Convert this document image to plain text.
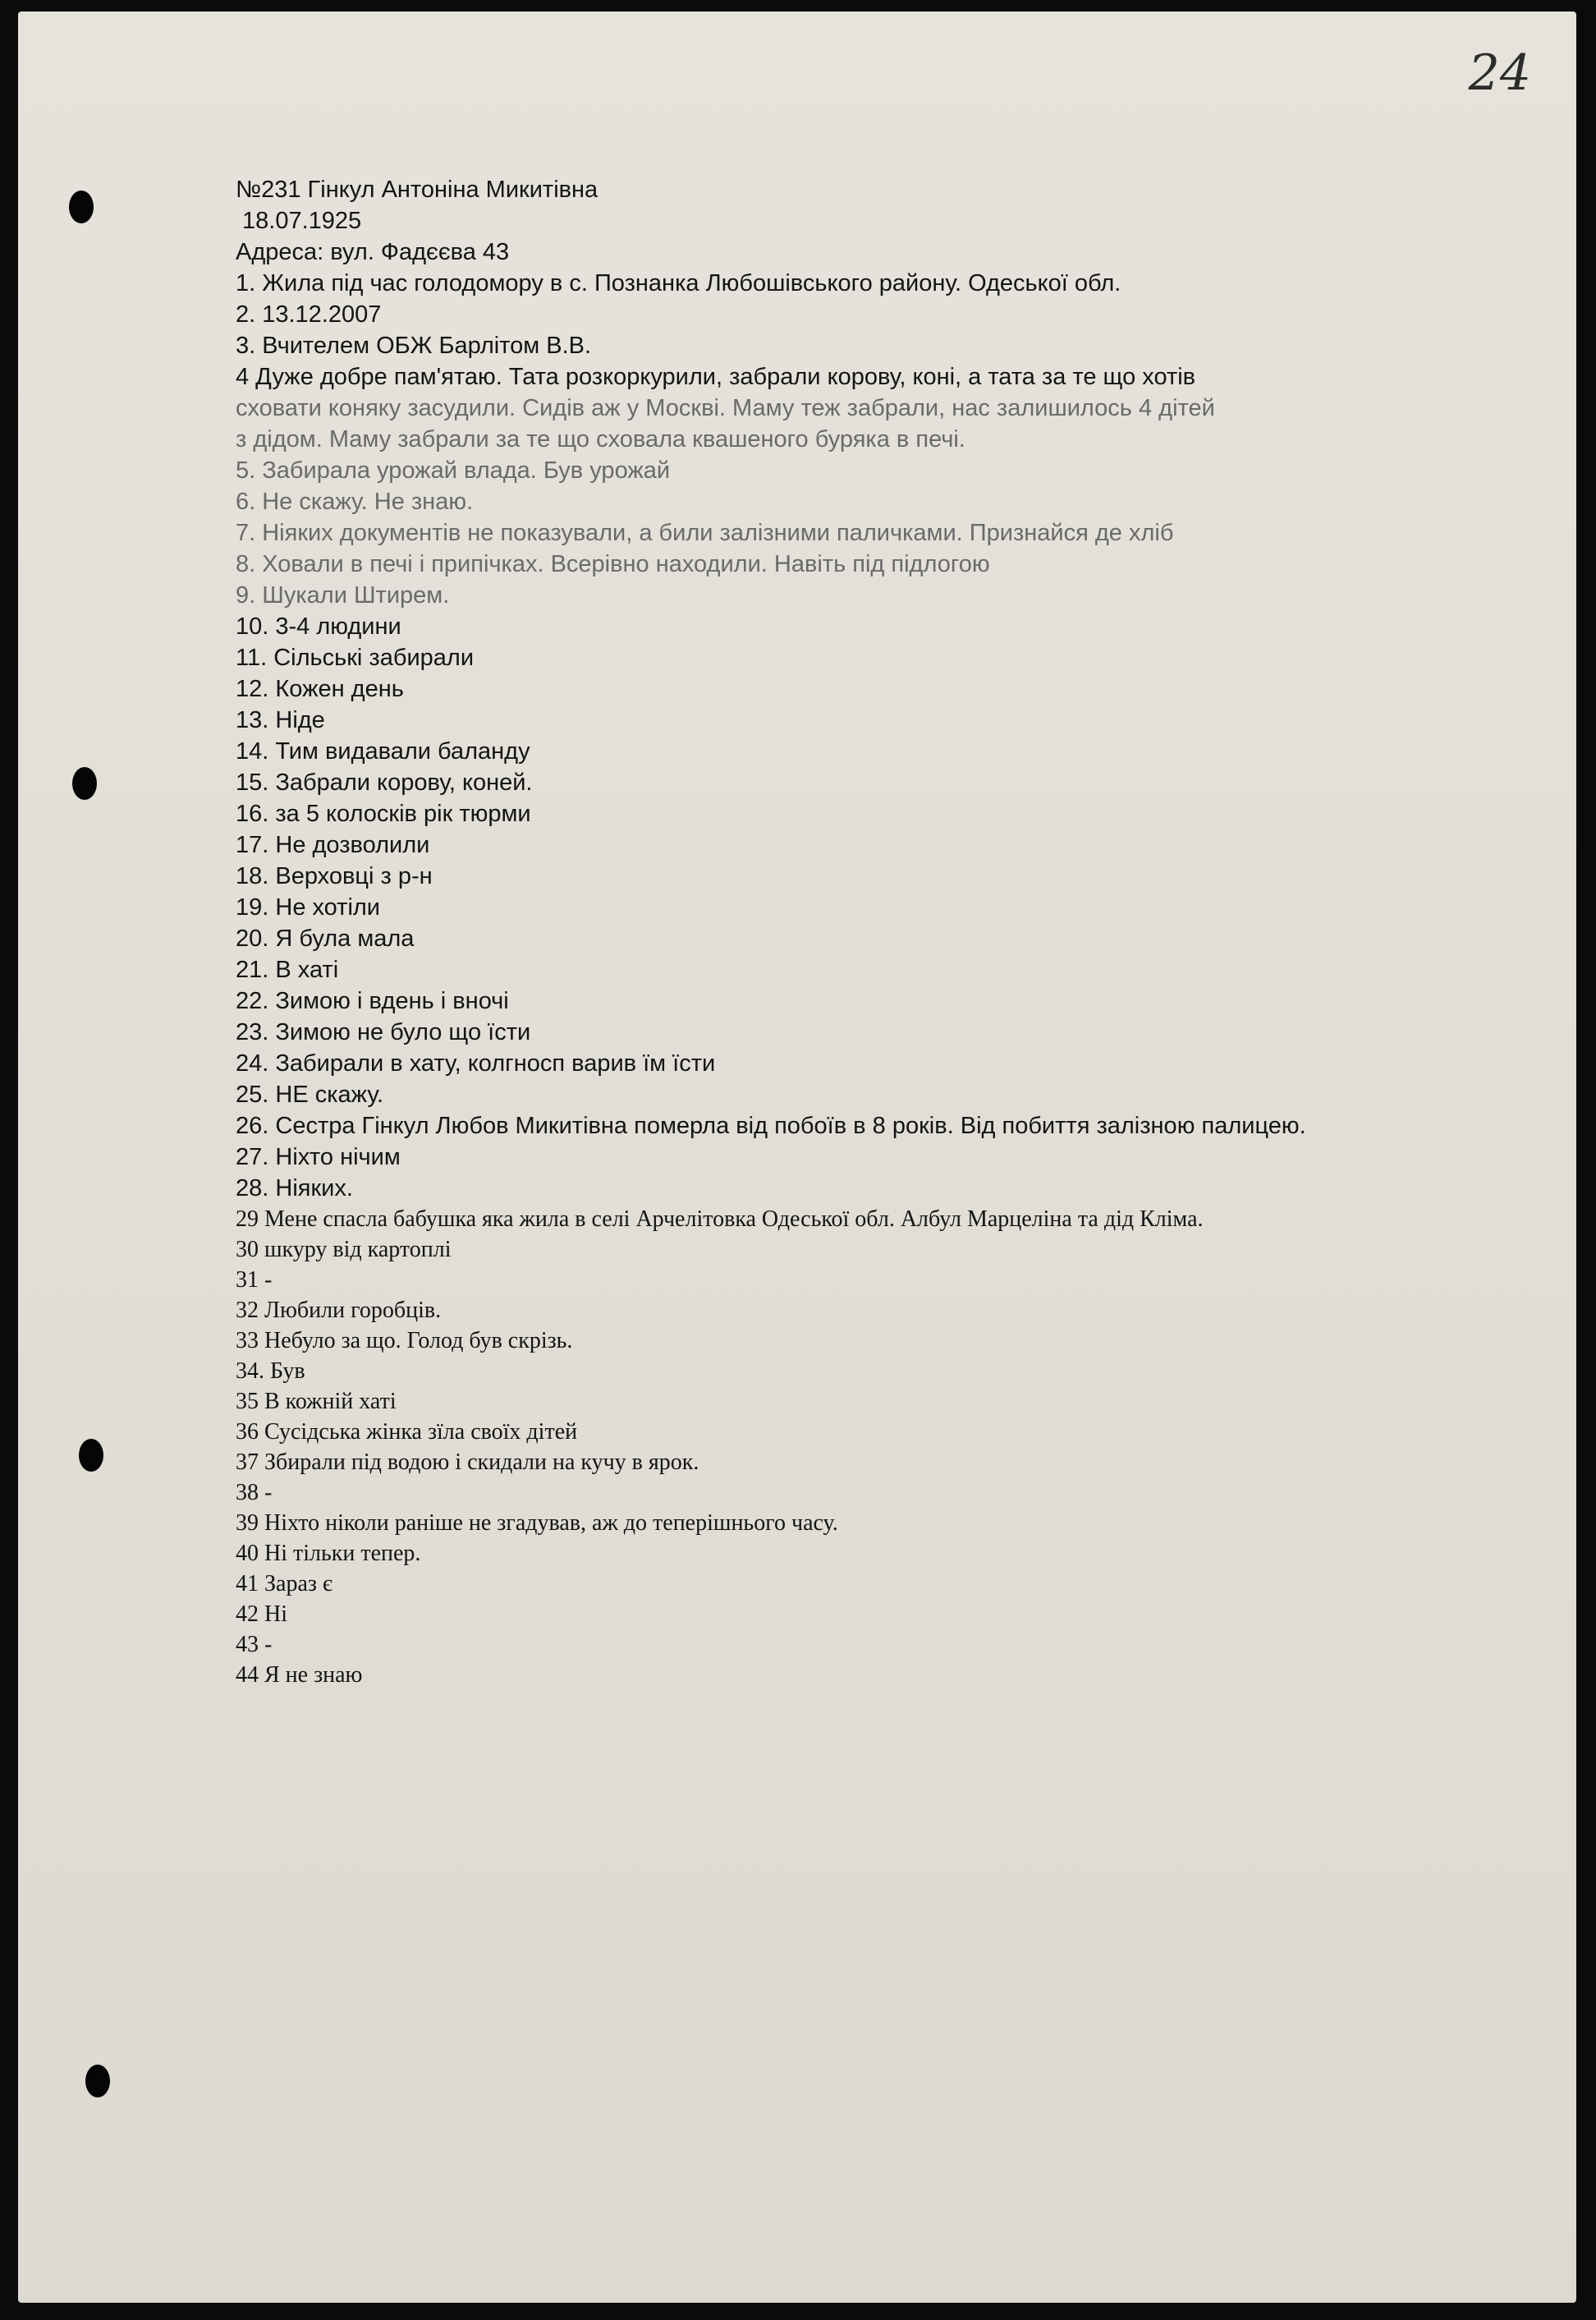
24

№231 Гінкул Антоніна Микитівна

18.07.1925

Адреса: вул. Фадєєва 43

1. Жила під час голодомору в с. Познанка Любошівського району. Одеської обл.

2. 13.12.2007

3. Вчителем ОБЖ Барлітом В.В.

4 Дуже добре пам'ятаю. Тата розкоркурили, забрали корову, коні, а тата за те що хотів

сховати коняку засудили. Сидів аж у Москві. Маму теж забрали, нас залишилось 4 дітей

з дідом. Маму забрали за те що сховала квашеного буряка в печі.

5. Забирала урожай влада. Був урожай

6. Не скажу. Не знаю.

7. Ніяких документів не показували, а били залізними паличками. Признайся де хліб

8. Ховали в печі і припічках. Всерівно находили. Навіть під підлогою

9. Шукали Штирем.

10. 3-4 людини

11. Сільські забирали

12. Кожен день

13. Ніде

14. Тим видавали баланду

15. Забрали корову, коней.

16. за 5 колосків рік тюрми

17. Не дозволили

18. Верховці з р-н

19. Не хотіли

20. Я була мала

21. В хаті

22. Зимою і вдень і вночі

23. Зимою не було що їсти

24. Забирали в хату, колгносп варив їм їсти

25. НЕ скажу.

26. Сестра Гінкул Любов Микитівна померла від побоїв в 8 років. Від побиття залізною палицею.

27. Ніхто нічим

28. Ніяких.

29 Мене спасла бабушка яка жила в селі Арчелітовка Одеської обл. Албул Марцеліна та дід Кліма.

30 шкуру від картоплі

31 -

32 Любили горобців.

33 Небуло за що. Голод був скрізь.

34. Був

35 В кожній хаті

36 Сусідська жінка зїла своїх дітей

37 Збирали під водою і скидали на кучу в ярок.

38 -

39 Ніхто ніколи раніше не згадував, аж до теперішнього часу.

40 Ні тільки тепер.

41 Зараз є

42 Ні

43 -

44 Я не знаю
